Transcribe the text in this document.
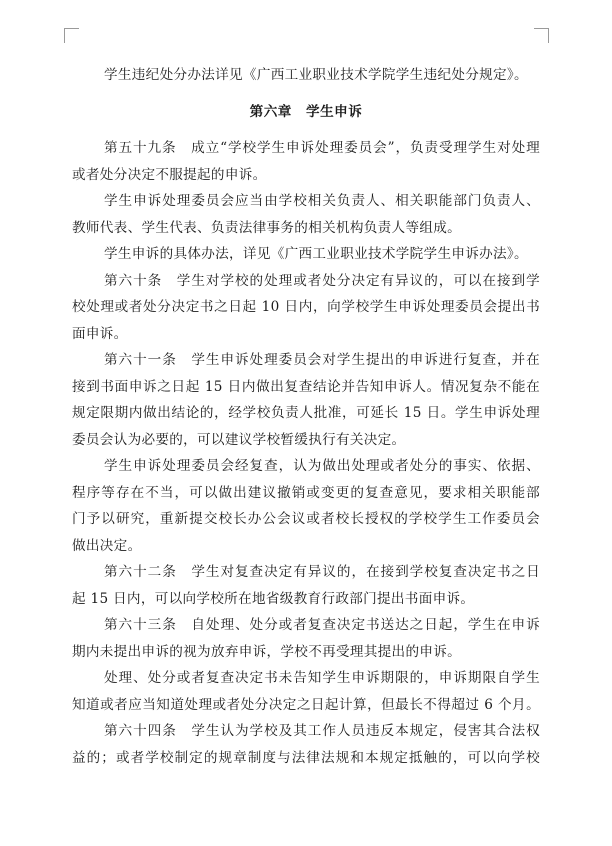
学生违纪处分办法详见《广西工业职业技术学院学生违纪处分规定》。
第六章　学生申诉
第五十九条　成立“学校学生申诉处理委员会”，负责受理学生对处理
或者处分决定不服提起的申诉。
学生申诉处理委员会应当由学校相关负责人、相关职能部门负责人、
教师代表、学生代表、负责法律事务的相关机构负责人等组成。
学生申诉的具体办法，详见《广西工业职业技术学院学生申诉办法》。
第六十条　学生对学校的处理或者处分决定有异议的，可以在接到学
校处理或者处分决定书之日起 10 日内，向学校学生申诉处理委员会提出书
面申诉。
第六十一条　学生申诉处理委员会对学生提出的申诉进行复查，并在
接到书面申诉之日起 15 日内做出复查结论并告知申诉人。情况复杂不能在
规定限期内做出结论的，经学校负责人批准，可延长 15 日。学生申诉处理
委员会认为必要的，可以建议学校暂缓执行有关决定。
学生申诉处理委员会经复查，认为做出处理或者处分的事实、依据、
程序等存在不当，可以做出建议撤销或变更的复查意见，要求相关职能部
门予以研究，重新提交校长办公会议或者校长授权的学校学生工作委员会
做出决定。
第六十二条　学生对复查决定有异议的，在接到学校复查决定书之日
起 15 日内，可以向学校所在地省级教育行政部门提出书面申诉。
第六十三条　自处理、处分或者复查决定书送达之日起，学生在申诉
期内未提出申诉的视为放弃申诉，学校不再受理其提出的申诉。
处理、处分或者复查决定书未告知学生申诉期限的，申诉期限自学生
知道或者应当知道处理或者处分决定之日起计算，但最长不得超过 6 个月。
第六十四条　学生认为学校及其工作人员违反本规定，侵害其合法权
益的；或者学校制定的规章制度与法律法规和本规定抵触的，可以向学校
